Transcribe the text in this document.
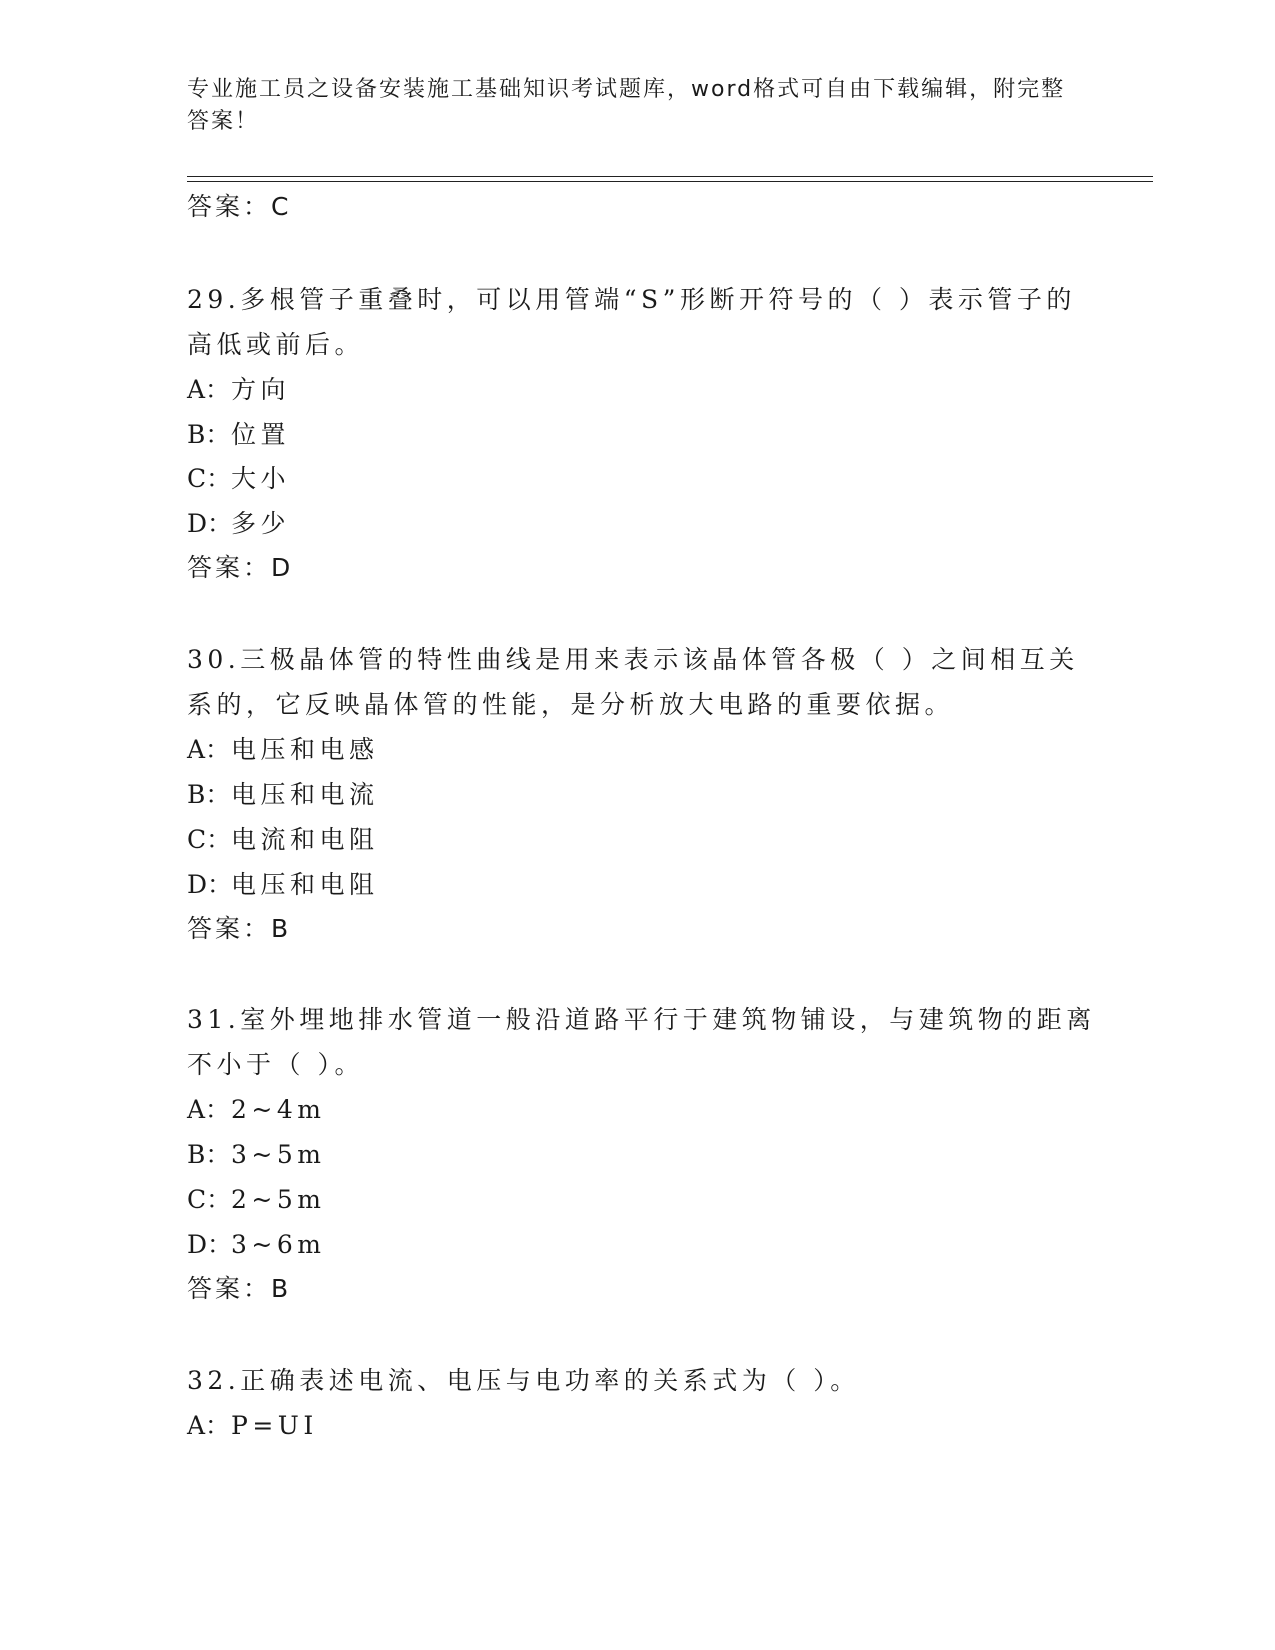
专业施工员之设备安装施工基础知识考试题库，word格式可自由下载编辑，附完整答案！
答案：C
29.多根管子重叠时，可以用管端“S”形断开符号的（ ）表示管子的
高低或前后。
A：方向
B：位置
C：大小
D：多少
答案：D
30.三极晶体管的特性曲线是用来表示该晶体管各极（ ）之间相互关
系的，它反映晶体管的性能，是分析放大电路的重要依据。
A：电压和电感
B：电压和电流
C：电流和电阻
D：电压和电阻
答案：B
31.室外埋地排水管道一般沿道路平行于建筑物铺设，与建筑物的距离
不小于（ ）。
A：2~4m
B：3~5m
C：2~5m
D：3~6m
答案：B
32.正确表述电流、电压与电功率的关系式为（ ）。
A：P=UI
